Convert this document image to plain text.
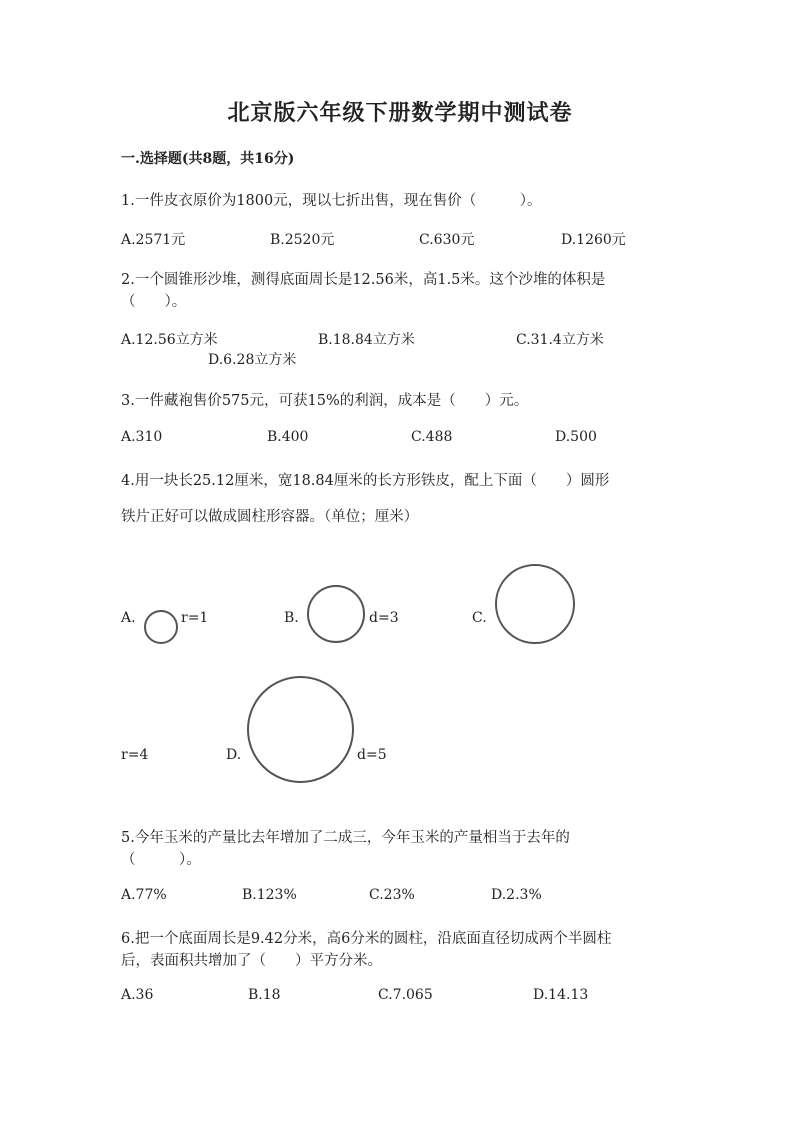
北京版六年级下册数学期中测试卷
一.选择题(共8题，共16分)
1.一件皮衣原价为1800元，现以七折出售，现在售价（　　　）。
A.2571元	B.2520元	C.630元	D.1260元
2.一个圆锥形沙堆，测得底面周长是12.56米，高1.5米。这个沙堆的体积是
（　　）。
A.12.56立方米	B.18.84立方米	C.31.4立方米
D.6.28立方米
3.一件藏袍售价575元，可获15%的利润，成本是（　　）元。
A.310	B.400	C.488	D.500
4.用一块长25.12厘米，宽18.84厘米的长方形铁皮，配上下面（　　）圆形
铁片正好可以做成圆柱形容器。（单位；厘米）
A.	r=1	B.	d=3	C.
r=4	D.	d=5
5.今年玉米的产量比去年增加了二成三，今年玉米的产量相当于去年的
（　　　）。
A.77%	B.123%	C.23%	D.2.3%
6.把一个底面周长是9.42分米，高6分米的圆柱，沿底面直径切成两个半圆柱
后，表面积共增加了（　　）平方分米。
A.36	B.18	C.7.065	D.14.13
